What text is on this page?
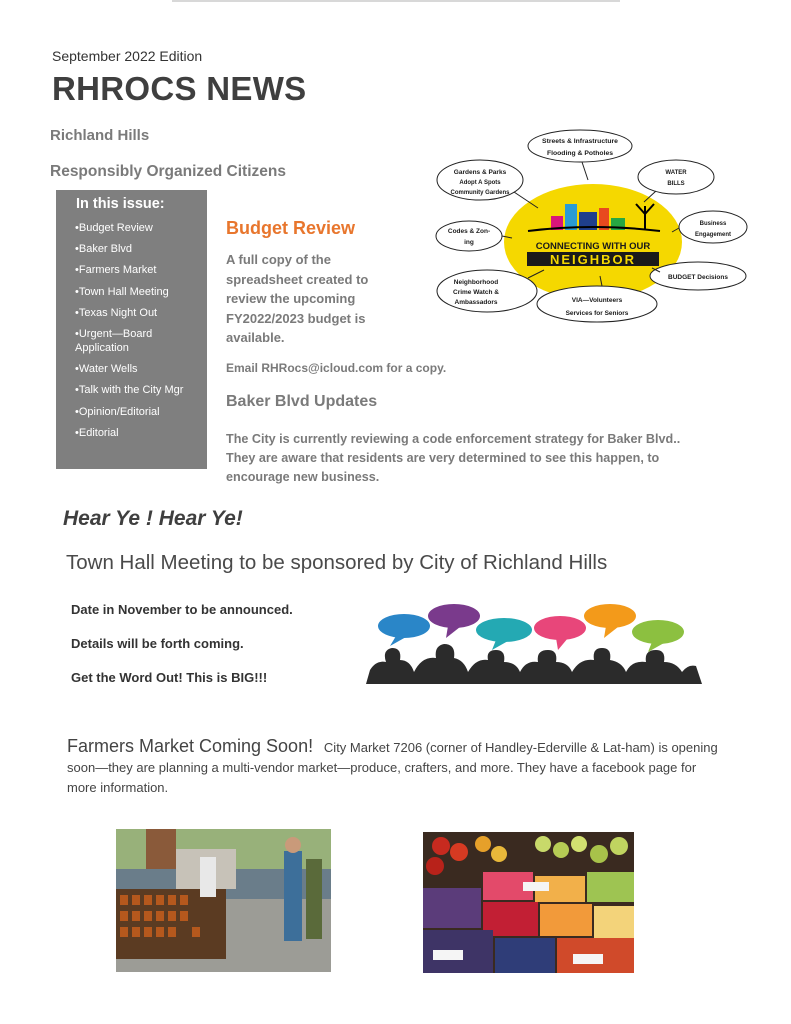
September 2022 Edition
RHROCS NEWS
Richland Hills
Responsibly Organized Citizens
In this issue:
• Budget Review
• Baker Blvd
• Farmers Market
• Town Hall Meeting
• Texas Night Out
• Urgent—Board Application
• Water Wells
• Talk with the City Mgr
• Opinion/Editorial
• Editorial
Budget Review
A full copy of the spreadsheet created to review the upcoming FY2022/2023 budget is available.
Email RHRocs@icloud.com for a copy.
Baker Blvd Updates
The City is currently reviewing a code enforcement strategy for Baker Blvd.. They are aware that residents are very determined to see this happen, to encourage new business.
CONNECTING WITH OUR
NEIGHBOR
Streets & Infrastructure
Flooding & Potholes
Gardens & Parks
Adopt A Spots
Community Gardens
WATER
BILLS
Codes & Zon-
ing
Business
Engagement
Neighborhood
Crime Watch &
Ambassadors	VIA—Volunteers
Services for Seniors
BUDGET Decisions
Hear Ye ! Hear Ye!
Town Hall Meeting to be sponsored by City of Richland Hills
Date in November to be announced.
Details will be forth coming.
Get the Word Out! This is BIG!!!
Farmers Market Coming Soon! City Market 7206 (corner of Handley-Ederville & Lat-ham) is opening soon—they are planning a multi-vendor market—produce, crafters, and more. They have a facebook page for more information.
